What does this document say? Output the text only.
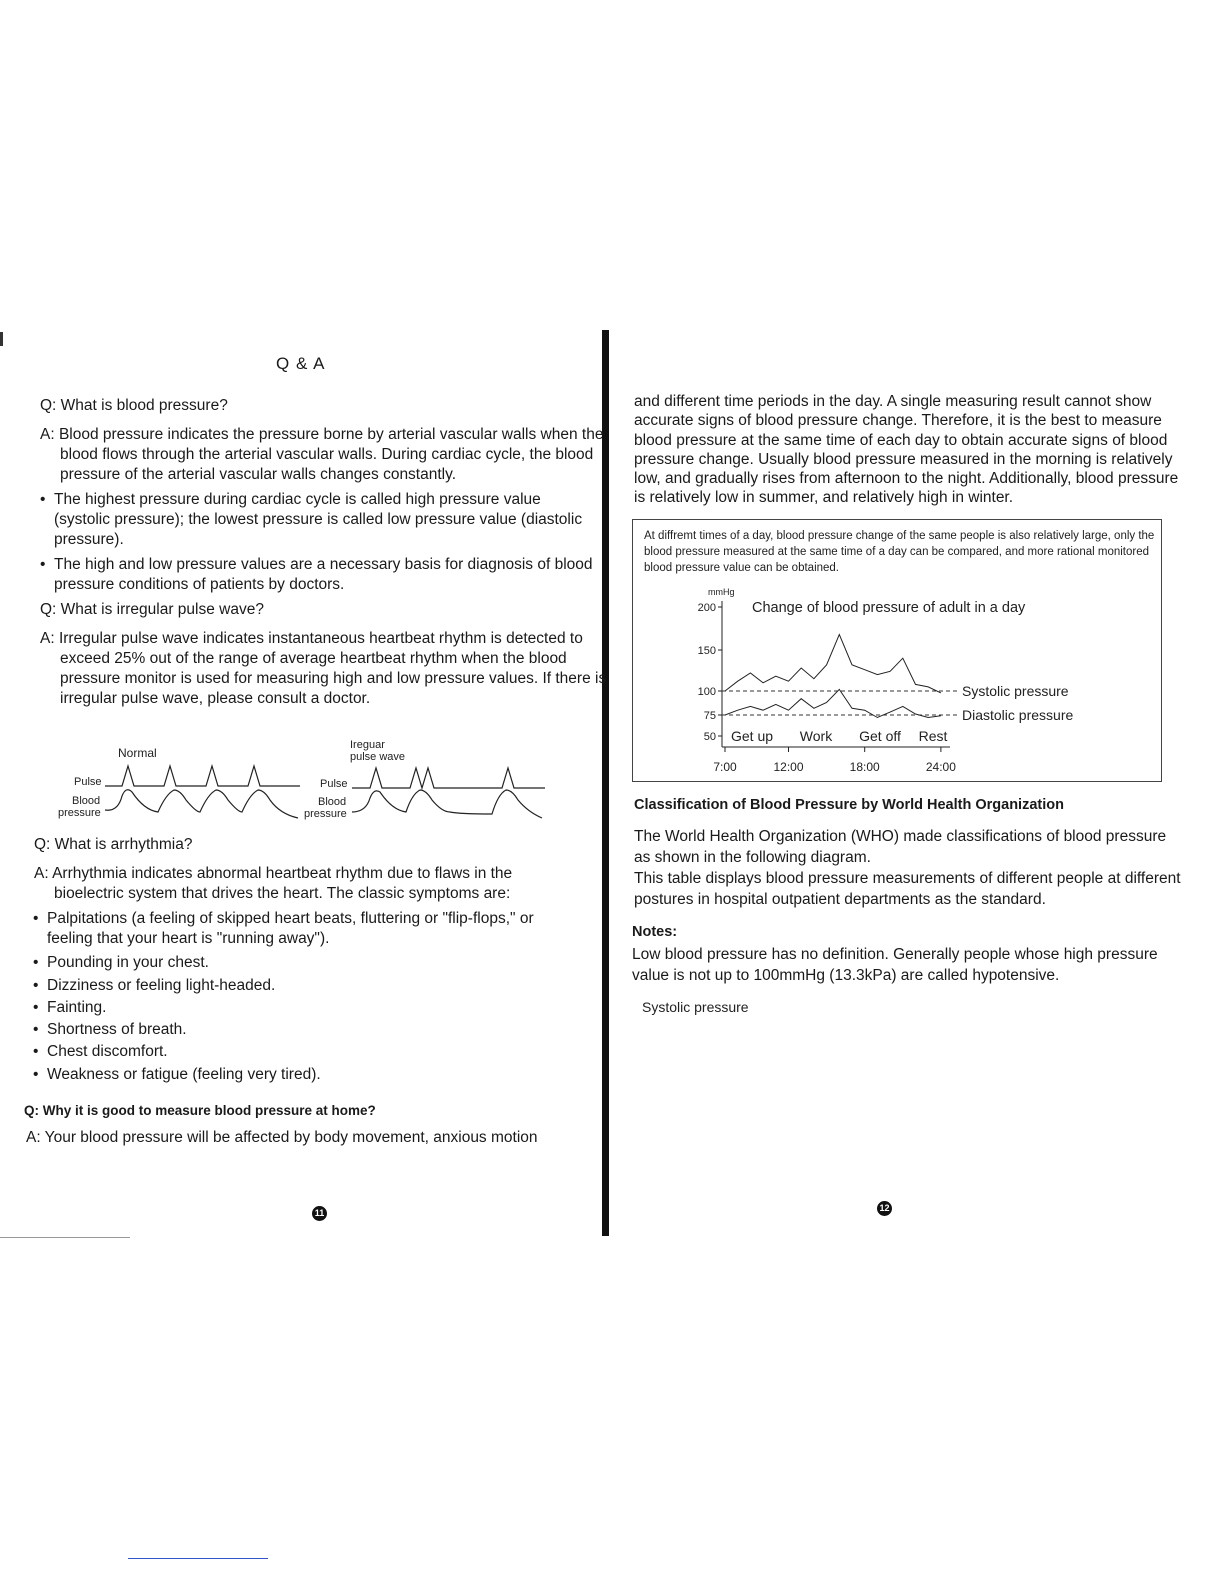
Q & A
Q: What is blood pressure?
A: Blood pressure indicates the pressure borne by arterial vascular walls when the blood flows through the arterial vascular walls. During cardiac cycle, the blood pressure of the arterial vascular walls changes constantly.
• The highest pressure during cardiac cycle is called high pressure value (systolic pressure); the lowest pressure is called low pressure value (diastolic pressure).
• The high and low pressure values are a necessary basis for diagnosis of blood pressure conditions of patients by doctors.
Q: What is irregular pulse wave?
A: Irregular pulse wave indicates instantaneous heartbeat rhythm is detected to exceed 25% out of the range of average heartbeat rhythm when the blood pressure monitor is used for measuring high and low pressure values. If there is irregular pulse wave, please consult a doctor.
Normal
Ireguar
pulse wave
Pulse
Blood
pressure
Pulse
Blood
pressure
Q: What is arrhythmia?
A: Arrhythmia indicates abnormal heartbeat rhythm due to flaws in the bioelectric system that drives the heart. The classic symptoms are:
• Palpitations (a feeling of skipped heart beats, fluttering or "flip-flops," or feeling that your heart is "running away").
• Pounding in your chest.
• Dizziness or feeling light-headed.
• Fainting.
• Shortness of breath.
• Chest discomfort.
• Weakness or fatigue (feeling very tired).
Q: Why it is good to measure blood pressure at home?
A: Your blood pressure will be affected by body movement, anxious motion
11
and different time periods in the day. A single measuring result cannot show accurate signs of blood pressure change. Therefore, it is the best to measure blood pressure at the same time of each day to obtain accurate signs of blood pressure change. Usually blood pressure measured in the morning is relatively low, and gradually rises from afternoon to the night. Additionally, blood pressure is relatively low in summer, and relatively high in winter.
At diffremt times of a day, blood pressure change of the same people is also relatively large, only the blood pressure measured at the same time of a day can be compared, and more rational monitored blood pressure value can be obtained.
mmHg
200
150
100
75
50
7:00	12:00	18:00	24:00
Get up Work Get off Rest
Change of blood pressure of adult in a day
Systolic pressure
Diastolic pressure
Classification of Blood Pressure by World Health Organization
The World Health Organization (WHO) made classifications of blood pressure as shown in the following diagram.
This table displays blood pressure measurements of different people at different postures in hospital outpatient departments as the standard.
Notes:
Low blood pressure has no definition. Generally people whose high pressure value is not up to 100mmHg (13.3kPa) are called hypotensive.
Systolic pressure
12
